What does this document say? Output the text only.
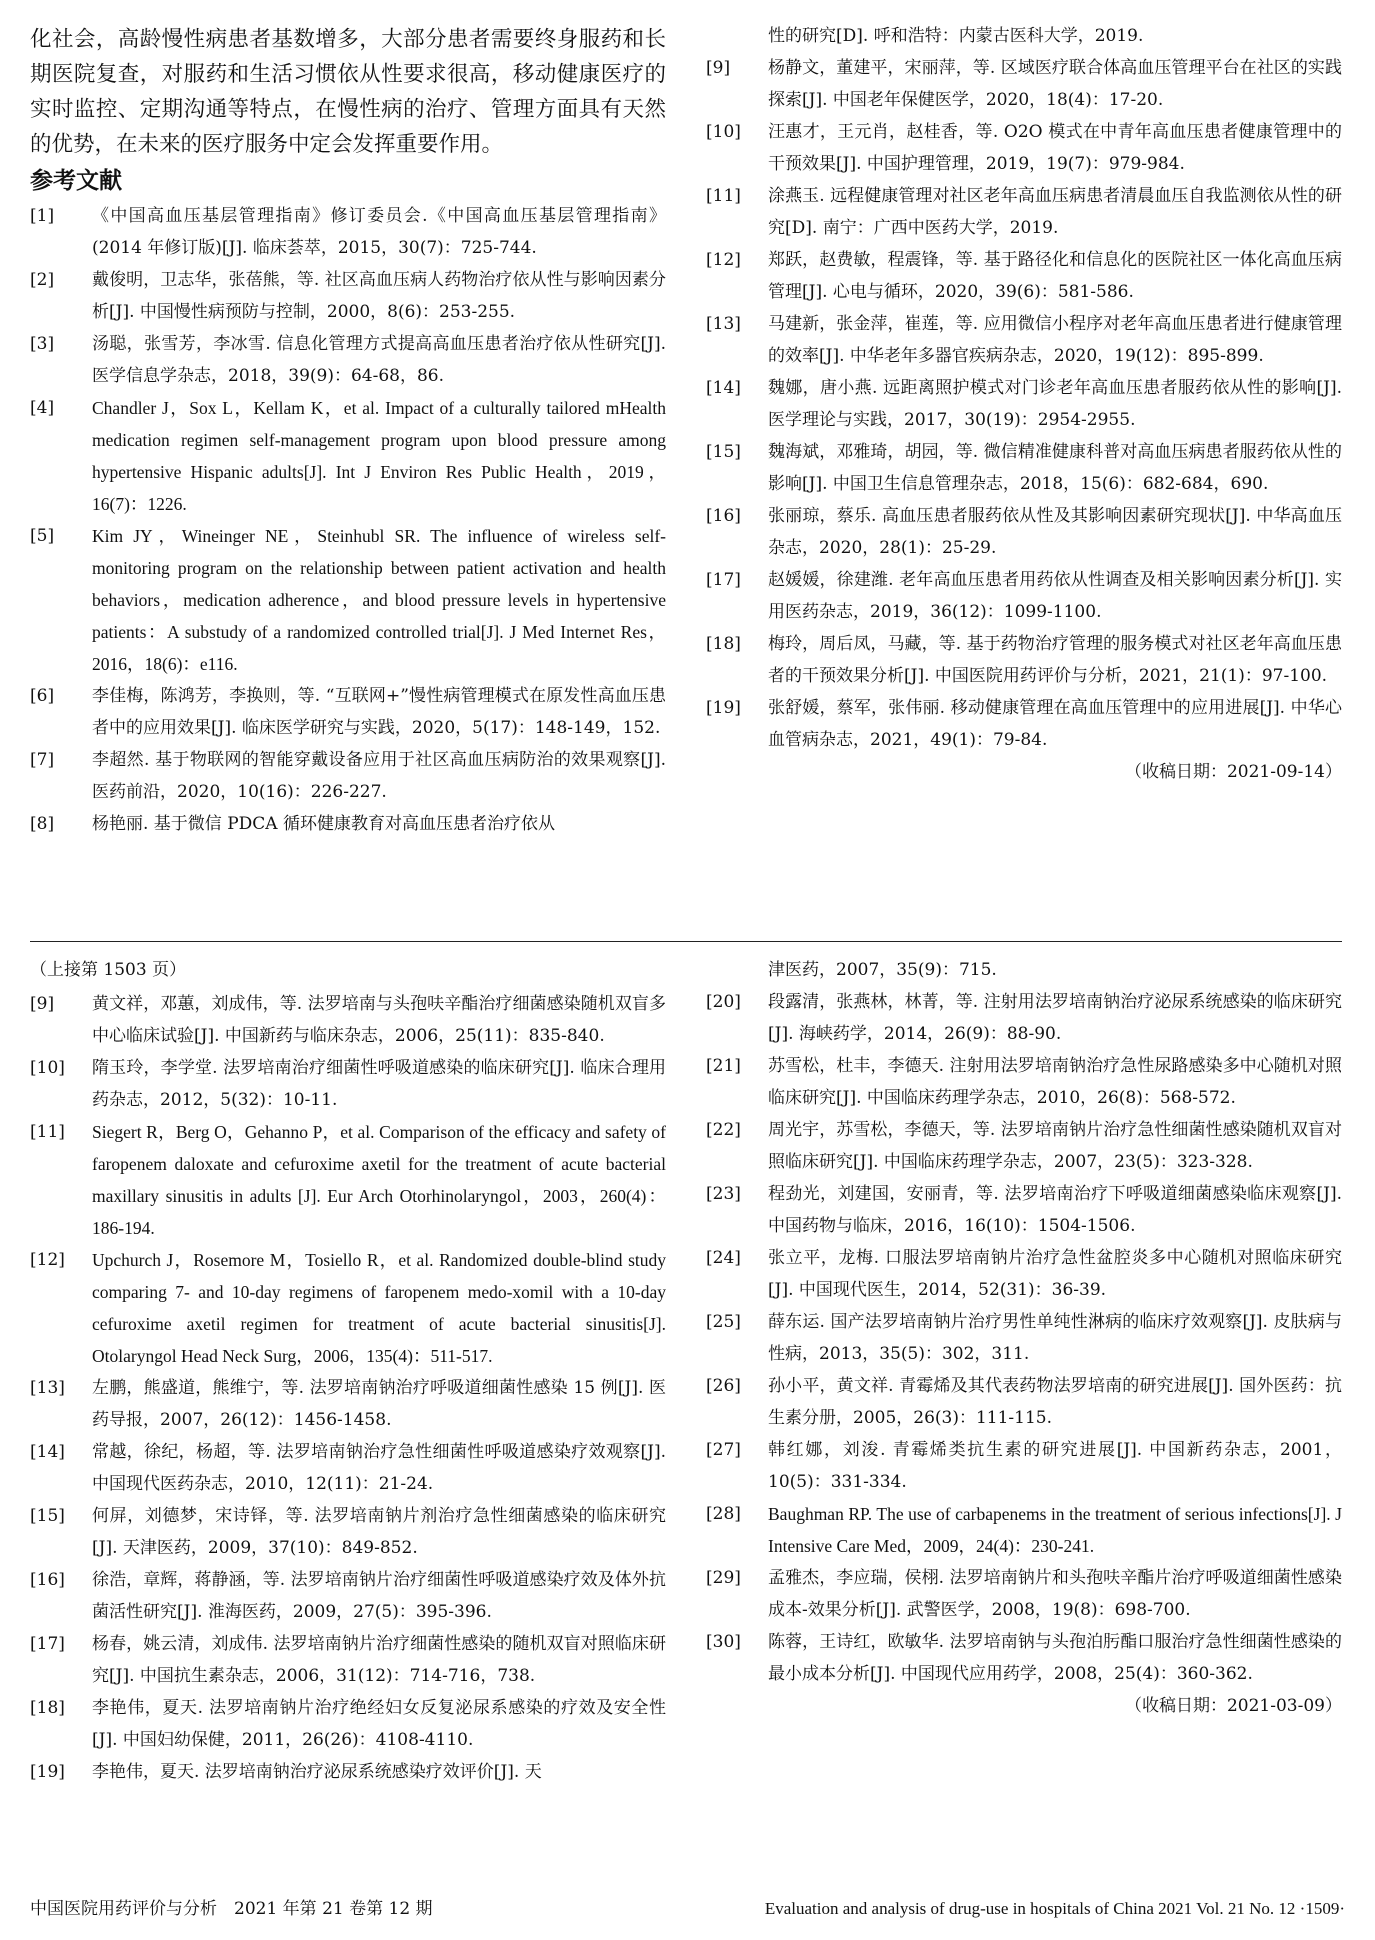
化社会，高龄慢性病患者基数增多，大部分患者需要终身服药和长期医院复查，对服药和生活习惯依从性要求很高，移动健康医疗的实时监控、定期沟通等特点，在慢性病的治疗、管理方面具有天然的优势，在未来的医疗服务中定会发挥重要作用。

参考文献

[1]	《中国高血压基层管理指南》修订委员会.《中国高血压基层管理指南》(2014 年修订版)[J]. 临床荟萃，2015，30(7)：725-744.

[2]	戴俊明，卫志华，张蓓熊，等. 社区高血压病人药物治疗依从性与影响因素分析[J]. 中国慢性病预防与控制，2000，8(6)：253-255.

[3]	汤聪，张雪芳，李冰雪. 信息化管理方式提高高血压患者治疗依从性研究[J]. 医学信息学杂志，2018，39(9)：64-68，86.

[4]	Chandler J，Sox L，Kellam K，et al. Impact of a culturally tailored mHealth medication regimen self-management program upon blood pressure among hypertensive Hispanic adults[J]. Int J Environ Res Public Health，2019，16(7)：1226.

[5]	Kim JY，Wineinger NE，Steinhubl SR. The influence of wireless self-monitoring program on the relationship between patient activation and health behaviors，medication adherence，and blood pressure levels in hypertensive patients：A substudy of a randomized controlled trial[J]. J Med Internet Res，2016，18(6)：e116.

[6]	李佳梅，陈鸿芳，李换则，等. “互联网+”慢性病管理模式在原发性高血压患者中的应用效果[J]. 临床医学研究与实践，2020，5(17)：148-149，152.

[7]	李超然. 基于物联网的智能穿戴设备应用于社区高血压病防治的效果观察[J]. 医药前沿，2020，10(16)：226-227.

[8]	杨艳丽. 基于微信 PDCA 循环健康教育对高血压患者治疗依从

性的研究[D]. 呼和浩特：内蒙古医科大学，2019.

[9]	杨静文，董建平，宋丽萍，等. 区域医疗联合体高血压管理平台在社区的实践探索[J]. 中国老年保健医学，2020，18(4)：17-20.

[10]	汪惠才，王元肖，赵桂香，等. O2O 模式在中青年高血压患者健康管理中的干预效果[J]. 中国护理管理，2019，19(7)：979-984.

[11]	涂燕玉. 远程健康管理对社区老年高血压病患者清晨血压自我监测依从性的研究[D]. 南宁：广西中医药大学，2019.

[12]	郑跃，赵费敏，程震锋，等. 基于路径化和信息化的医院社区一体化高血压病管理[J]. 心电与循环，2020，39(6)：581-586.

[13]	马建新，张金萍，崔莲，等. 应用微信小程序对老年高血压患者进行健康管理的效率[J]. 中华老年多器官疾病杂志，2020，19(12)：895-899.

[14]	魏娜，唐小燕. 远距离照护模式对门诊老年高血压患者服药依从性的影响[J]. 医学理论与实践，2017，30(19)：2954-2955.

[15]	魏海斌，邓雅琦，胡园，等. 微信精准健康科普对高血压病患者服药依从性的影响[J]. 中国卫生信息管理杂志，2018，15(6)：682-684，690.

[16]	张丽琼，蔡乐. 高血压患者服药依从性及其影响因素研究现状[J]. 中华高血压杂志，2020，28(1)：25-29.

[17]	赵媛媛，徐建潍. 老年高血压患者用药依从性调查及相关影响因素分析[J]. 实用医药杂志，2019，36(12)：1099-1100.

[18]	梅玲，周后凤，马藏，等. 基于药物治疗管理的服务模式对社区老年高血压患者的干预效果分析[J]. 中国医院用药评价与分析，2021，21(1)：97-100.

[19]	张舒媛，蔡军，张伟丽. 移动健康管理在高血压管理中的应用进展[J]. 中华心血管病杂志，2021，49(1)：79-84.

（收稿日期：2021-09-14）

（上接第 1503 页）

[9]	黄文祥，邓蕙，刘成伟，等. 法罗培南与头孢呋辛酯治疗细菌感染随机双盲多中心临床试验[J]. 中国新药与临床杂志，2006，25(11)：835-840.

[10]	隋玉玲，李学堂. 法罗培南治疗细菌性呼吸道感染的临床研究[J]. 临床合理用药杂志，2012，5(32)：10-11.

[11]	Siegert R，Berg O，Gehanno P，et al. Comparison of the efficacy and safety of faropenem daloxate and cefuroxime axetil for the treatment of acute bacterial maxillary sinusitis in adults [J]. Eur Arch Otorhinolaryngol，2003，260(4)：186-194.

[12]	Upchurch J，Rosemore M，Tosiello R，et al. Randomized double-blind study comparing 7- and 10-day regimens of faropenem medo-xomil with a 10-day cefuroxime axetil regimen for treatment of acute bacterial sinusitis[J]. Otolaryngol Head Neck Surg，2006，135(4)：511-517.

[13]	左鹏，熊盛道，熊维宁，等. 法罗培南钠治疗呼吸道细菌性感染 15 例[J]. 医药导报，2007，26(12)：1456-1458.

[14]	常越，徐纪，杨超，等. 法罗培南钠治疗急性细菌性呼吸道感染疗效观察[J]. 中国现代医药杂志，2010，12(11)：21-24.

[15]	何屏，刘德梦，宋诗铎，等. 法罗培南钠片剂治疗急性细菌感染的临床研究[J]. 天津医药，2009，37(10)：849-852.

[16]	徐浩，章辉，蒋静涵，等. 法罗培南钠片治疗细菌性呼吸道感染疗效及体外抗菌活性研究[J]. 淮海医药，2009，27(5)：395-396.

[17]	杨春，姚云清，刘成伟. 法罗培南钠片治疗细菌性感染的随机双盲对照临床研究[J]. 中国抗生素杂志，2006，31(12)：714-716，738.

[18]	李艳伟，夏天. 法罗培南钠片治疗绝经妇女反复泌尿系感染的疗效及安全性[J]. 中国妇幼保健，2011，26(26)：4108-4110.

[19]	李艳伟，夏天. 法罗培南钠治疗泌尿系统感染疗效评价[J]. 天

津医药，2007，35(9)：715.

[20]	段露清，张燕林，林菁，等. 注射用法罗培南钠治疗泌尿系统感染的临床研究[J]. 海峡药学，2014，26(9)：88-90.

[21]	苏雪松，杜丰，李德天. 注射用法罗培南钠治疗急性尿路感染多中心随机对照临床研究[J]. 中国临床药理学杂志，2010，26(8)：568-572.

[22]	周光宇，苏雪松，李德天，等. 法罗培南钠片治疗急性细菌性感染随机双盲对照临床研究[J]. 中国临床药理学杂志，2007，23(5)：323-328.

[23]	程劲光，刘建国，安丽青，等. 法罗培南治疗下呼吸道细菌感染临床观察[J]. 中国药物与临床，2016，16(10)：1504-1506.

[24]	张立平，龙梅. 口服法罗培南钠片治疗急性盆腔炎多中心随机对照临床研究[J]. 中国现代医生，2014，52(31)：36-39.

[25]	薛东运. 国产法罗培南钠片治疗男性单纯性淋病的临床疗效观察[J]. 皮肤病与性病，2013，35(5)：302，311.

[26]	孙小平，黄文祥. 青霉烯及其代表药物法罗培南的研究进展[J]. 国外医药：抗生素分册，2005，26(3)：111-115.

[27]	韩红娜，刘浚. 青霉烯类抗生素的研究进展[J]. 中国新药杂志，2001，10(5)：331-334.

[28]	Baughman RP. The use of carbapenems in the treatment of serious infections[J]. J Intensive Care Med，2009，24(4)：230-241.

[29]	孟雅杰，李应瑞，侯栩. 法罗培南钠片和头孢呋辛酯片治疗呼吸道细菌性感染成本-效果分析[J]. 武警医学，2008，19(8)：698-700.

[30]	陈蓉，王诗红，欧敏华. 法罗培南钠与头孢泊肟酯口服治疗急性细菌性感染的最小成本分析[J]. 中国现代应用药学，2008，25(4)：360-362.

（收稿日期：2021-03-09）

中国医院用药评价与分析　2021 年第 21 卷第 12 期	Evaluation and analysis of drug-use in hospitals of China 2021 Vol. 21 No. 12 ·1509·
